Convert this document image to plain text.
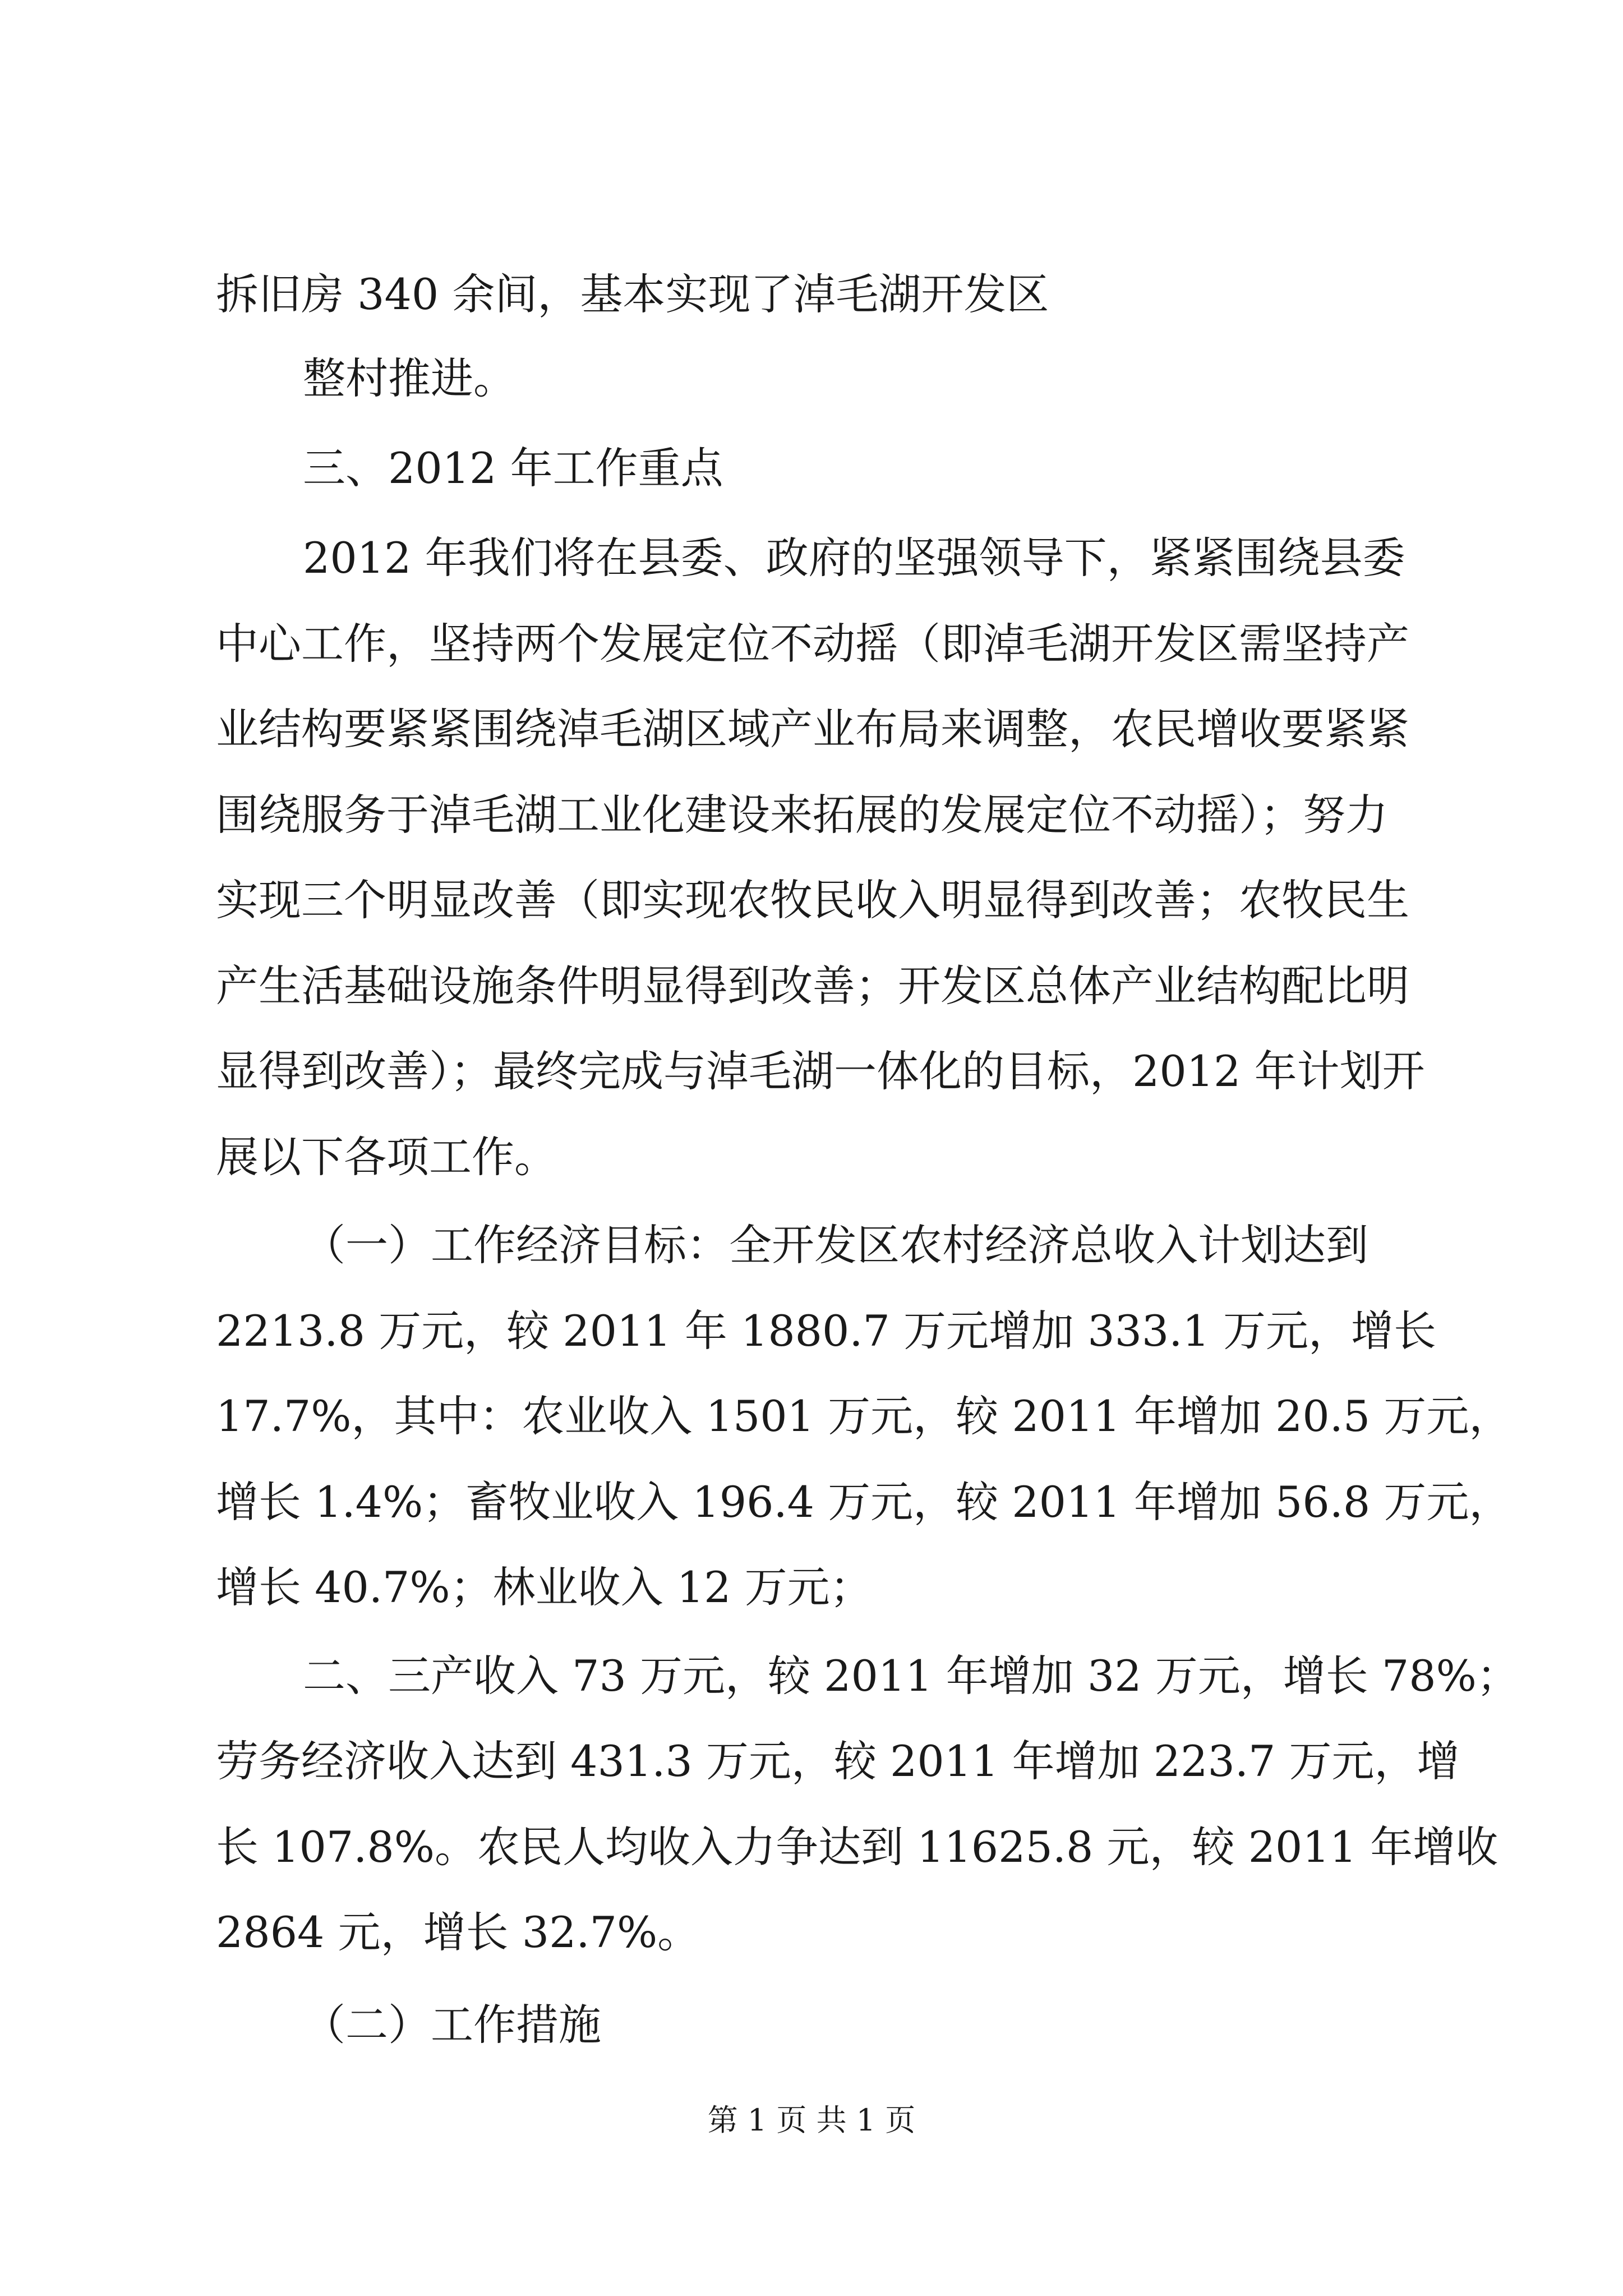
拆旧房 340 余间，基本实现了淖毛湖开发区
整村推进。
三、2012 年工作重点
2012 年我们将在县委、政府的坚强领导下，紧紧围绕县委
中心工作，坚持两个发展定位不动摇（即淖毛湖开发区需坚持产
业结构要紧紧围绕淖毛湖区域产业布局来调整，农民增收要紧紧
围绕服务于淖毛湖工业化建设来拓展的发展定位不动摇）；努力
实现三个明显改善（即实现农牧民收入明显得到改善；农牧民生
产生活基础设施条件明显得到改善；开发区总体产业结构配比明
显得到改善）；最终完成与淖毛湖一体化的目标，2012 年计划开
展以下各项工作。
（一）工作经济目标：全开发区农村经济总收入计划达到
2213.8 万元，较 2011 年 1880.7 万元增加 333.1 万元，增长
17.7%，其中：农业收入 1501 万元，较 2011 年增加 20.5 万元，
增长 1.4%；畜牧业收入 196.4 万元，较 2011 年增加 56.8 万元，
增长 40.7%；林业收入 12 万元；
二、三产收入 73 万元，较 2011 年增加 32 万元，增长 78%；
劳务经济收入达到 431.3 万元，较 2011 年增加 223.7 万元，增
长 107.8%。农民人均收入力争达到 11625.8 元，较 2011 年增收
2864 元，增长 32.7%。
（二）工作措施
第 1 页 共 1 页
